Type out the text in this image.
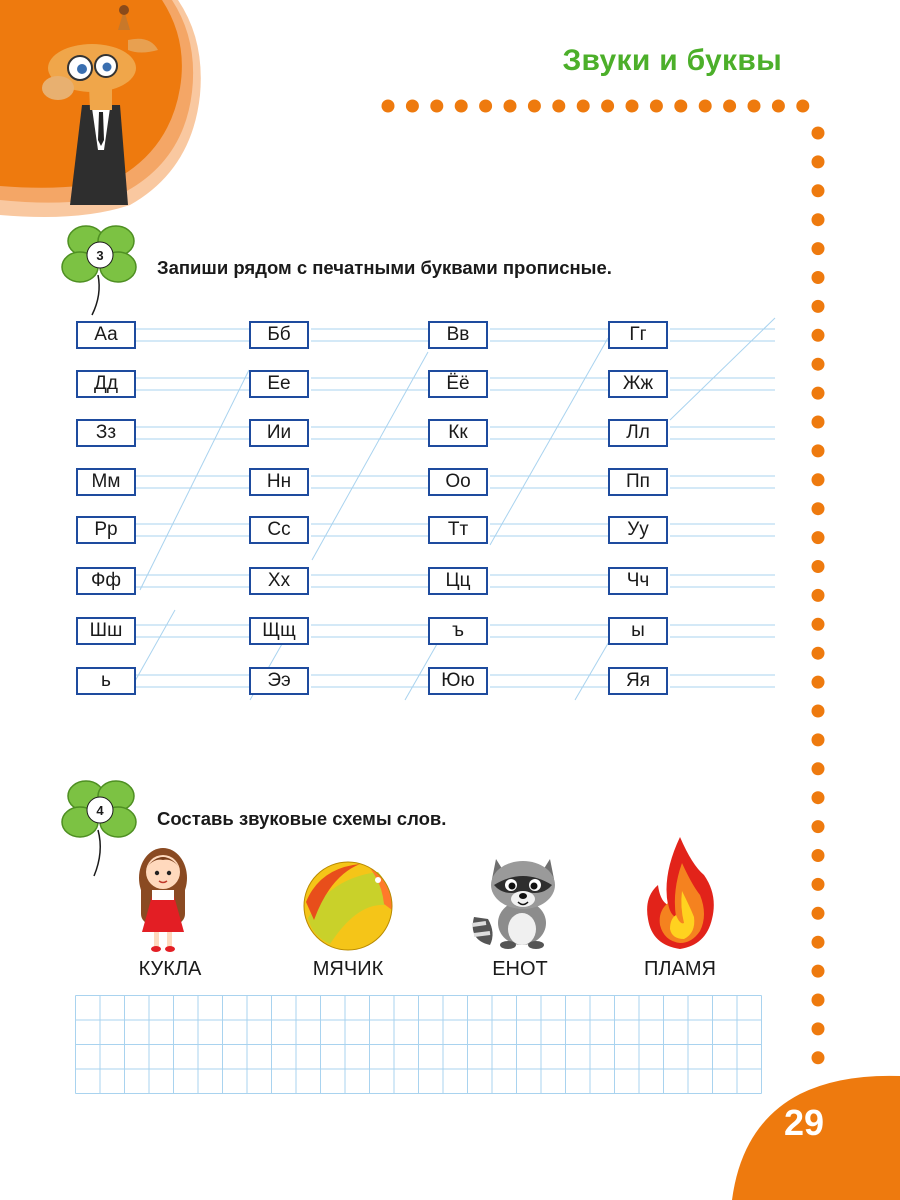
Звуки и буквы
3
Запиши рядом с печатными буквами прописные.
Аа	Бб	Вв	Гг
Дд	Ее	Ёё	Жж
Зз	Ии	Кк	Лл
Мм	Нн	Оо	Пп
Рр	Сс	Тт	Уу
Фф	Хх	Цц	Чч
Шш	Щщ	ъ	ы
ь	Ээ	Юю	Яя
4	Составь звуковые схемы слов.
КУКЛА	МЯЧИК	ЕНОТ	ПЛАМЯ
29
